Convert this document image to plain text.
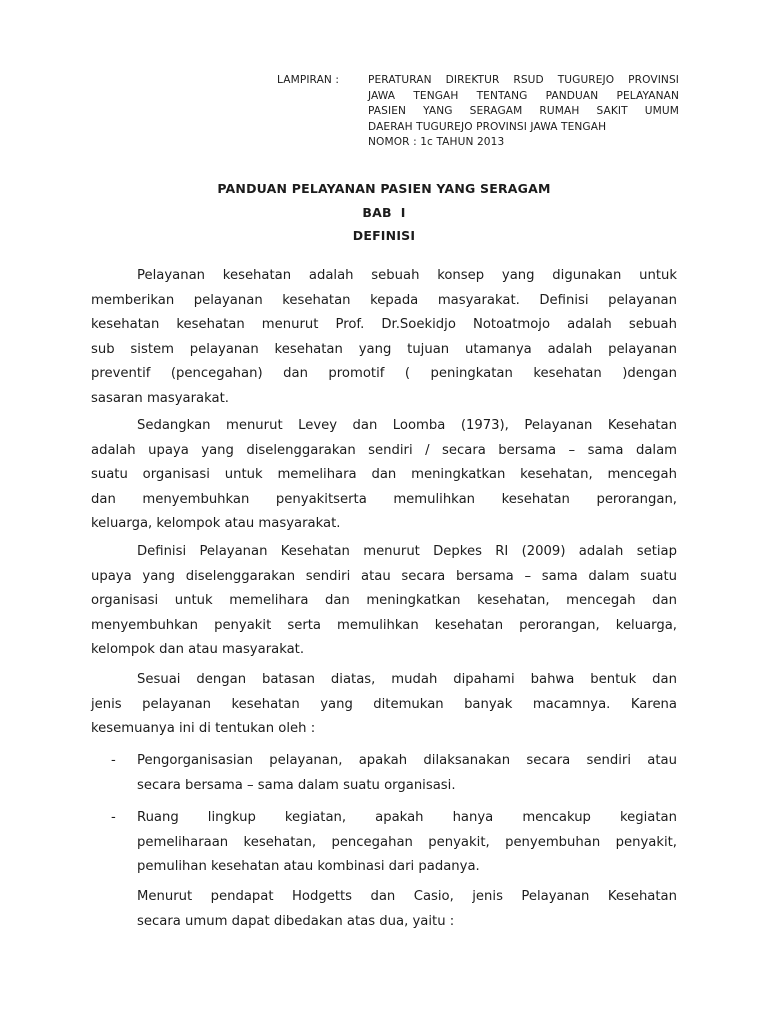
LAMPIRAN :	PERATURAN DIREKTUR RSUD TUGUREJO PROVINSI
JAWA TENGAH TENTANG PANDUAN PELAYANAN
PASIEN YANG SERAGAM RUMAH SAKIT UMUM
DAERAH TUGUREJO PROVINSI JAWA TENGAH
NOMOR : 1c TAHUN 2013
PANDUAN PELAYANAN PASIEN YANG SERAGAM
BAB  I
DEFINISI
Pelayanan kesehatan adalah sebuah konsep yang digunakan untuk
memberikan pelayanan kesehatan kepada masyarakat. Definisi pelayanan
kesehatan kesehatan menurut Prof. Dr.Soekidjo Notoatmojo adalah sebuah
sub sistem pelayanan kesehatan yang tujuan utamanya adalah pelayanan
preventif (pencegahan) dan promotif ( peningkatan kesehatan )dengan
sasaran masyarakat.
Sedangkan menurut Levey dan Loomba (1973), Pelayanan Kesehatan
adalah upaya yang diselenggarakan sendiri / secara bersama – sama dalam
suatu organisasi untuk memelihara dan meningkatkan kesehatan, mencegah
dan menyembuhkan penyakitserta memulihkan kesehatan perorangan,
keluarga, kelompok atau masyarakat.
Definisi Pelayanan Kesehatan menurut Depkes RI (2009) adalah setiap
upaya yang diselenggarakan sendiri atau secara bersama – sama dalam suatu
organisasi untuk memelihara dan meningkatkan kesehatan, mencegah dan
menyembuhkan penyakit serta memulihkan kesehatan perorangan, keluarga,
kelompok dan atau masyarakat.
Sesuai dengan batasan diatas, mudah dipahami bahwa bentuk dan
jenis pelayanan kesehatan yang ditemukan banyak macamnya. Karena
kesemuanya ini di tentukan oleh :
- Pengorganisasian pelayanan, apakah dilaksanakan secara sendiri atau
secara bersama – sama dalam suatu organisasi.
- Ruang lingkup kegiatan, apakah hanya mencakup kegiatan
pemeliharaan kesehatan, pencegahan penyakit, penyembuhan penyakit,
pemulihan kesehatan atau kombinasi dari padanya.
Menurut pendapat Hodgetts dan Casio, jenis Pelayanan Kesehatan
secara umum dapat dibedakan atas dua, yaitu :
